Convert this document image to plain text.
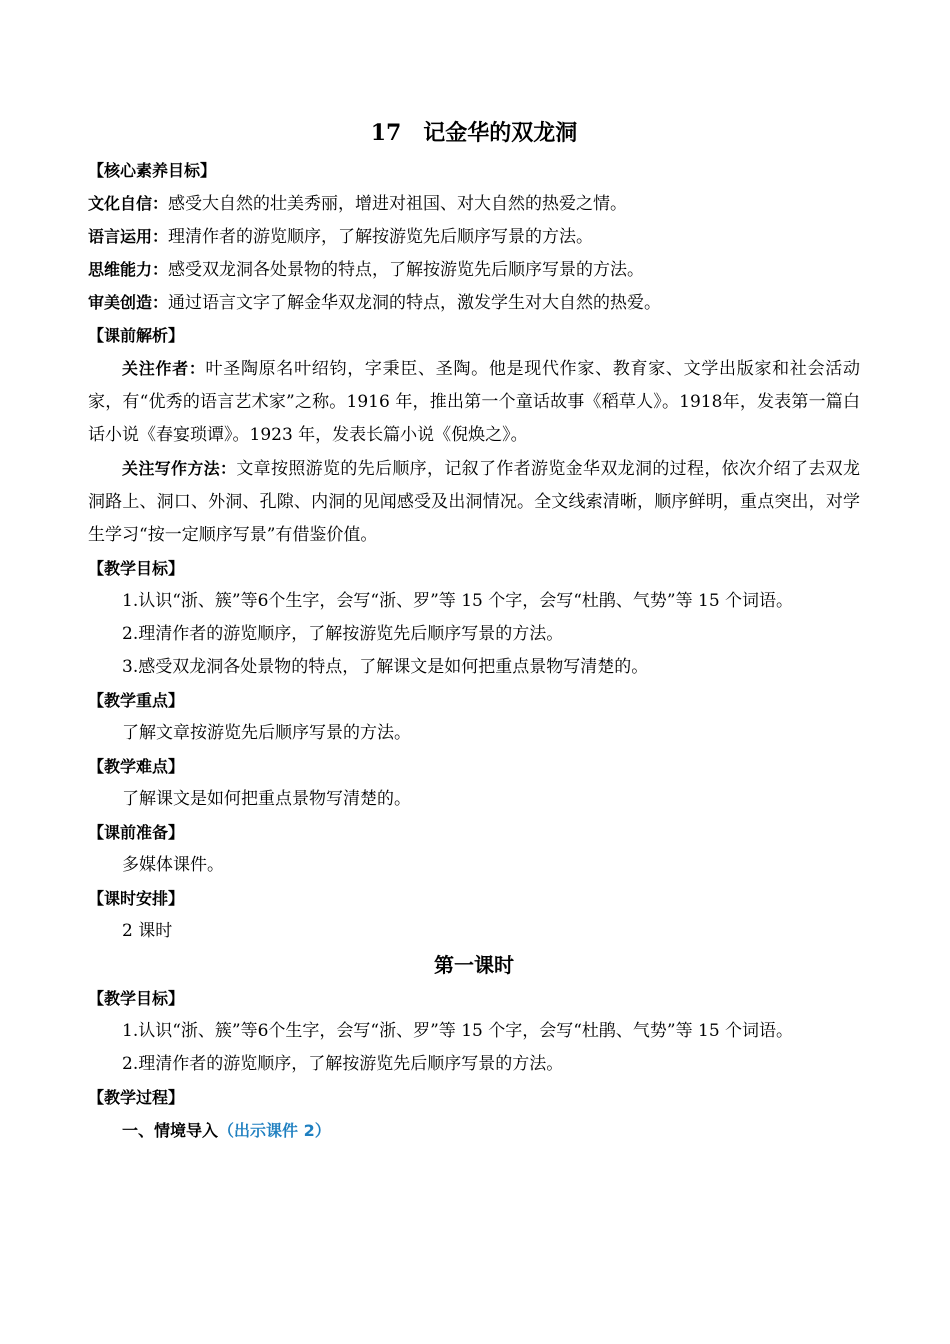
17　记金华的双龙洞
【核心素养目标】
文化自信：感受大自然的壮美秀丽，增进对祖国、对大自然的热爱之情。
语言运用：理清作者的游览顺序，了解按游览先后顺序写景的方法。
思维能力：感受双龙洞各处景物的特点，了解按游览先后顺序写景的方法。
审美创造：通过语言文字了解金华双龙洞的特点，激发学生对大自然的热爱。
【课前解析】
关注作者：叶圣陶原名叶绍钧，字秉臣、圣陶。他是现代作家、教育家、文学出版家和社会活动家，有“优秀的语言艺术家”之称。1916 年，推出第一个童话故事《稻草人》。1918年，发表第一篇白话小说《春宴琐谭》。1923 年，发表长篇小说《倪焕之》。
关注写作方法：文章按照游览的先后顺序，记叙了作者游览金华双龙洞的过程，依次介绍了去双龙洞路上、洞口、外洞、孔隙、内洞的见闻感受及出洞情况。全文线索清晰，顺序鲜明，重点突出，对学生学习“按一定顺序写景”有借鉴价值。
【教学目标】
1.认识“浙、簇”等6个生字，会写“浙、罗”等 15 个字，会写“杜鹃、气势”等 15 个词语。
2.理清作者的游览顺序，了解按游览先后顺序写景的方法。
3.感受双龙洞各处景物的特点，了解课文是如何把重点景物写清楚的。
【教学重点】
了解文章按游览先后顺序写景的方法。
【教学难点】
了解课文是如何把重点景物写清楚的。
【课前准备】
多媒体课件。
【课时安排】
2 课时
第一课时
【教学目标】
1.认识“浙、簇”等6个生字，会写“浙、罗”等 15 个字，会写“杜鹃、气势”等 15 个词语。
2.理清作者的游览顺序，了解按游览先后顺序写景的方法。
【教学过程】
一、情境导入（出示课件 2）
